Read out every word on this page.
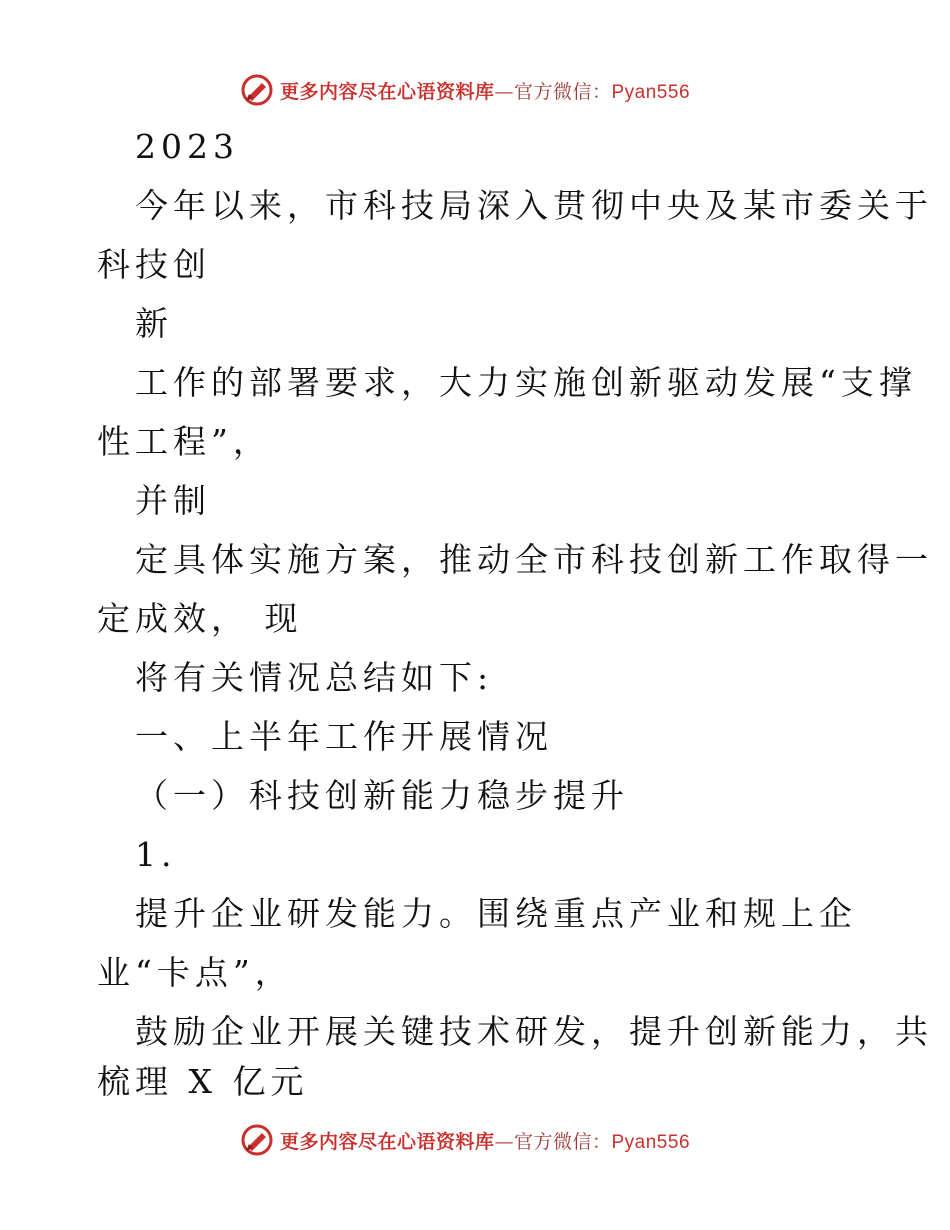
更多内容尽在心语资料库—官方微信：Pyan556
2023
今年以来，市科技局深入贯彻中央及某市委关于
科技创
新
工作的部署要求，大力实施创新驱动发展“支撑
性工程”，
并制
定具体实施方案，推动全市科技创新工作取得一
定成效， 现
将有关情况总结如下:
一、上半年工作开展情况
（一）科技创新能力稳步提升
1.
提升企业研发能力。围绕重点产业和规上企
业“卡点”，
鼓励企业开展关键技术研发，提升创新能力，共
梳理 X 亿元
更多内容尽在心语资料库—官方微信：Pyan556
